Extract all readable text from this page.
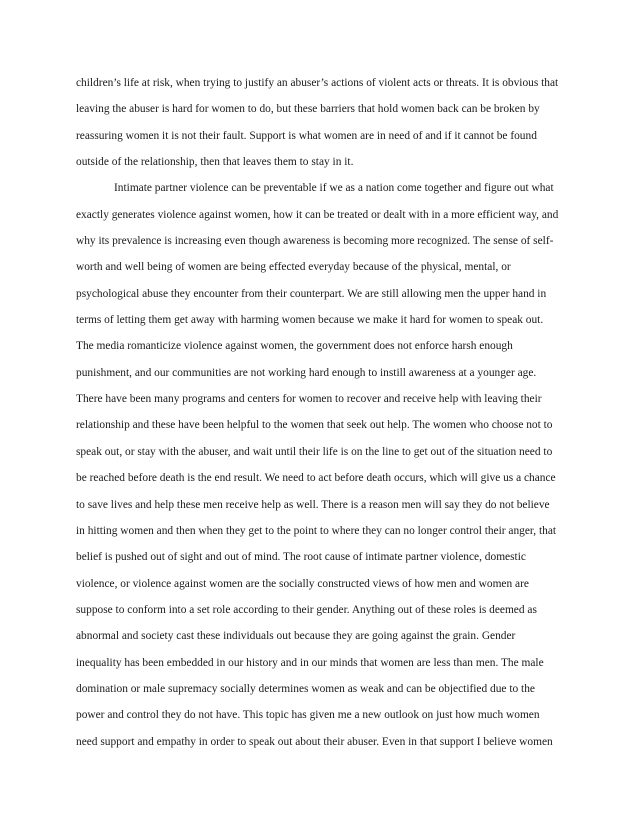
children’s life at risk, when trying to justify an abuser’s actions of violent acts or threats. It is obvious that
leaving the abuser is hard for women to do, but these barriers that hold women back can be broken by
reassuring women it is not their fault. Support is what women are in need of and if it cannot be found
outside of the relationship, then that leaves them to stay in it.
Intimate partner violence can be preventable if we as a nation come together and figure out what
exactly generates violence against women, how it can be treated or dealt with in a more efficient way, and
why its prevalence is increasing even though awareness is becoming more recognized. The sense of self-
worth and well being of women are being effected everyday because of the physical, mental, or
psychological abuse they encounter from their counterpart. We are still allowing men the upper hand in
terms of letting them get away with harming women because we make it hard for women to speak out.
The media romanticize violence against women, the government does not enforce harsh enough
punishment, and our communities are not working hard enough to instill awareness at a younger age.
There have been many programs and centers for women to recover and receive help with leaving their
relationship and these have been helpful to the women that seek out help. The women who choose not to
speak out, or stay with the abuser, and wait until their life is on the line to get out of the situation need to
be reached before death is the end result. We need to act before death occurs, which will give us a chance
to save lives and help these men receive help as well. There is a reason men will say they do not believe
in hitting women and then when they get to the point to where they can no longer control their anger, that
belief is pushed out of sight and out of mind. The root cause of intimate partner violence, domestic
violence, or violence against women are the socially constructed views of how men and women are
suppose to conform into a set role according to their gender. Anything out of these roles is deemed as
abnormal and society cast these individuals out because they are going against the grain. Gender
inequality has been embedded in our history and in our minds that women are less than men. The male
domination or male supremacy socially determines women as weak and can be objectified due to the
power and control they do not have. This topic has given me a new outlook on just how much women
need support and empathy in order to speak out about their abuser. Even in that support I believe women
